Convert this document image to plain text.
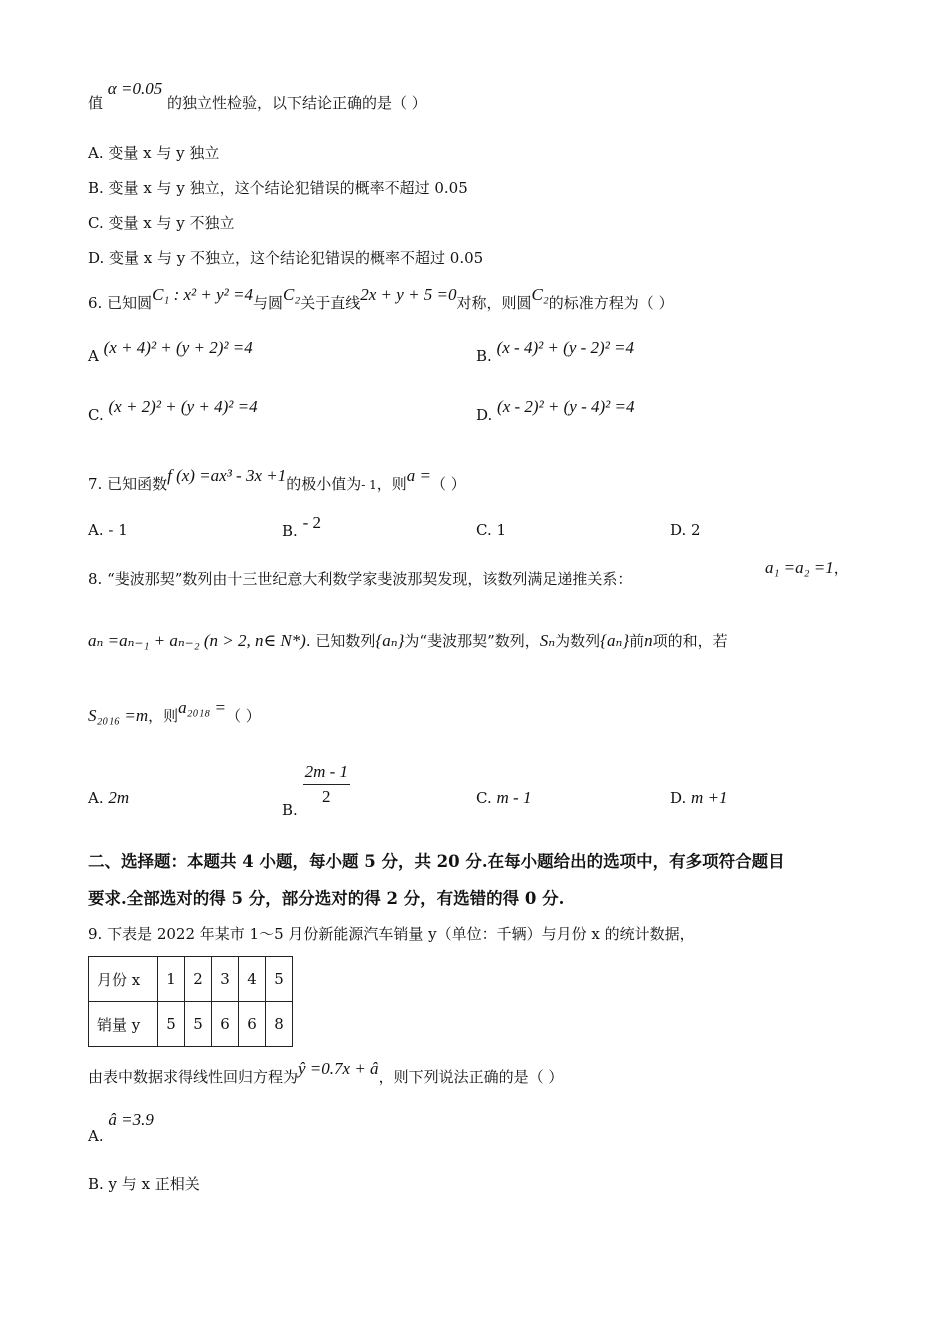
值 α =0.05 的独立性检验，以下结论正确的是（ ）
A. 变量 x 与 y 独立
B. 变量 x 与 y 独立，这个结论犯错误的概率不超过 0.05
C. 变量 x 与 y 不独立
D. 变量 x 与 y 不独立，这个结论犯错误的概率不超过 0.05
6. 已知圆C₁ : x² + y² =4与圆C₂关于直线2x + y + 5 =0对称，则圆C₂的标准方程为（ ）
A (x + 4)² + (y + 2)² =4	B. (x - 4)² + (y - 2)² =4
C. (x + 2)² + (y + 4)² =4	D. (x - 2)² + (y - 4)² =4
7. 已知函数f (x) =ax³ - 3x +1的极小值为- 1，则a =（ ）
A. - 1	B. - 2	C. 1	D. 2
8. “斐波那契”数列由十三世纪意大利数学家斐波那契发现，该数列满足递推关系：
a₁ =a₂ =1，
aₙ =aₙ₋₁ + aₙ₋₂ (n > 2, n∈ N*). 已知数列{aₙ}为“斐波那契”数列，Sₙ为数列{aₙ}前n项的和，若
S₂₀₁₆ =m，则a₂₀₁₈ =（ ）
A. 2m
B.
$\frac{2m - 1}{2}$	C. m - 1	D. m +1
二、选择题：本题共 4 小题，每小题 5 分，共 20 分.在每小题给出的选项中，有多项符合题目
要求.全部选对的得 5 分，部分选对的得 2 分，有选错的得 0 分.
9. 下表是 2022 年某市 1～5 月份新能源汽车销量 y（单位：千辆）与月份 x 的统计数据，
月份 x	1	2	3	4	5
销量 y	5	5	6	6	8
由表中数据求得线性回归方程为ŷ =0.7x + â，则下列说法正确的是（ ）
A. â =3.9
B. y 与 x 正相关
